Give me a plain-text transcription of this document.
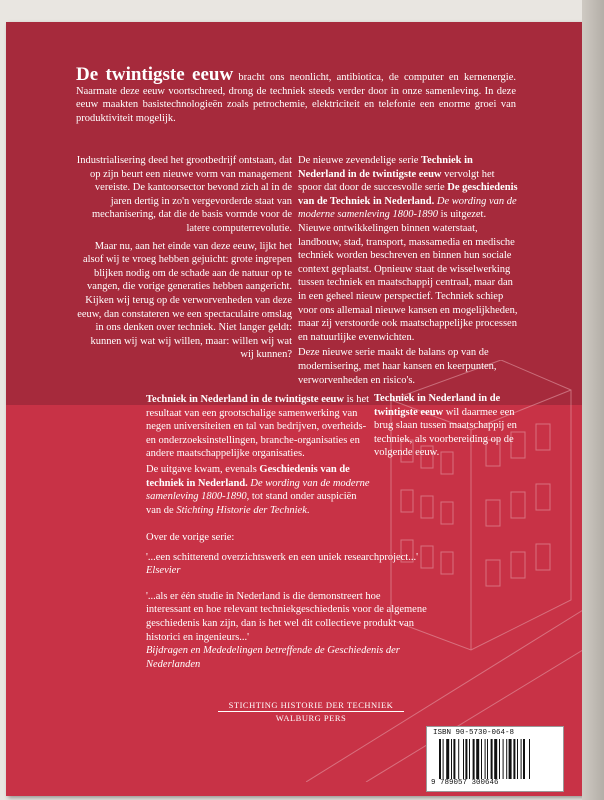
De twintigste eeuw bracht ons neonlicht, antibiotica, de computer en kernenergie. Naarmate deze eeuw voortschreed, drong de techniek steeds verder door in onze samenleving. In deze eeuw maakten basistechnologieën zoals petrochemie, elektriciteit en telefonie een enorme groei van produktiviteit mogelijk.

Industrialisering deed het grootbedrijf ontstaan, dat op zijn beurt een nieuwe vorm van management vereiste. De kantoorsector bevond zich al in de jaren dertig in zo'n vergevorderde staat van mechanisering, dat die de basis vormde voor de latere computerrevolutie.

Maar nu, aan het einde van deze eeuw, lijkt het alsof wij te vroeg hebben gejuicht: grote ingrepen blijken nodig om de schade aan de natuur op te vangen, die vorige generaties hebben aangericht. Kijken wij terug op de verworvenheden van deze eeuw, dan constateren we een spectaculaire omslag in ons denken over techniek. Niet langer geldt: kunnen wij wat wij willen, maar: willen wij wat wij kunnen?

De nieuwe zevendelige serie Techniek in Nederland in de twintigste eeuw vervolgt het spoor dat door de succesvolle serie De geschiedenis van de Techniek in Nederland. De wording van de moderne samenleving 1800-1890 is uitgezet. Nieuwe ontwikkelingen binnen waterstaat, landbouw, stad, transport, massamedia en medische techniek worden beschreven en binnen hun sociale context geplaatst. Opnieuw staat de wisselwerking tussen techniek en maatschappij centraal, maar dan in een geheel nieuw perspectief. Techniek schiep voor ons allemaal nieuwe kansen en mogelijkheden, maar zij verstoorde ook maatschappelijke processen en natuurlijke evenwichten.

Deze nieuwe serie maakt de balans op van de modernisering, met haar kansen en keerpunten, verworvenheden en risico's.

Techniek in Nederland in de twintigste eeuw is het resultaat van een grootschalige samenwerking van negen universiteiten en tal van bedrijven, overheids- en onderzoeksinstellingen, branche-organisaties en andere maatschappelijke organisaties.

De uitgave kwam, evenals Geschiedenis van de techniek in Nederland. De wording van de moderne samenleving 1800-1890, tot stand onder auspiciën van de Stichting Historie der Techniek.

Techniek in Nederland in de twintigste eeuw wil daarmee een brug slaan tussen maatschappij en techniek, als voorbereiding op de volgende eeuw.

Over de vorige serie:

'...een schitterend overzichtswerk en een uniek researchproject...' Elsevier

'...als er één studie in Nederland is die demonstreert hoe interessant en hoe relevant techniekgeschiedenis voor de algemene geschiedenis kan zijn, dan is het wel dit collectieve produkt van historici en ingenieurs...'

Bijdragen en Mededelingen betreffende de Geschiedenis der Nederlanden

STICHTING HISTORIE DER TECHNIEK
WALBURG PERS
ISBN 90-5730-064-8
9 789057 300646
